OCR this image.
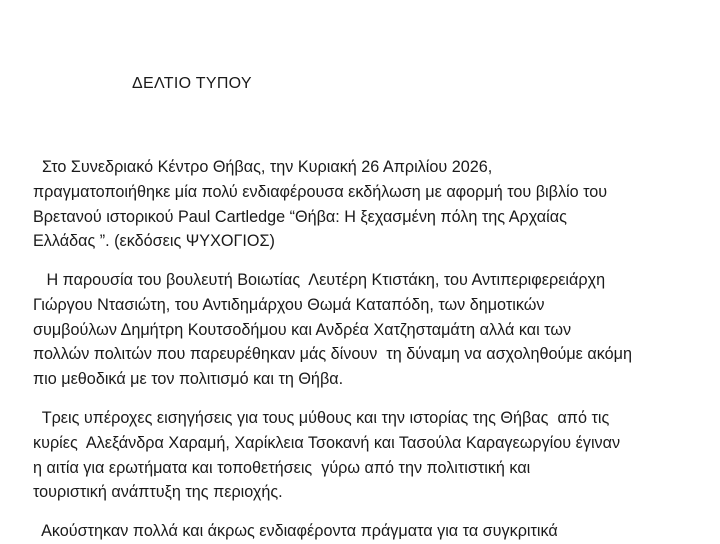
ΔΕΛΤΙΟ ΤΥΠΟΥ
Στο Συνεδριακό Κέντρο Θήβας, την Κυριακή 26 Απριλίου 2026,
πραγματοποιήθηκε μία πολύ ενδιαφέρουσα εκδήλωση με αφορμή του βιβλίο του
Βρετανού ιστορικού Paul Cartledge “Θήβα: Η ξεχασμένη πόλη της Αρχαίας
Ελλάδας ”. (εκδόσεις ΨΥΧΟΓΙΟΣ)
Η παρουσία του βουλευτή Βοιωτίας  Λευτέρη Κτιστάκη, του Αντιπεριφερειάρχη
Γιώργου Ντασιώτη, του Αντιδημάρχου Θωμά Καταπόδη, των δημοτικών
συμβούλων Δημήτρη Κουτσοδήμου και Ανδρέα Χατζησταμάτη αλλά και των
πολλών πολιτών που παρευρέθηκαν μάς δίνουν  τη δύναμη να ασχοληθούμε ακόμη
πιο μεθοδικά με τον πολιτισμό και τη Θήβα.
Τρεις υπέροχες εισηγήσεις για τους μύθους και την ιστορίας της Θήβας  από τις
κυρίες  Αλεξάνδρα Χαραμή, Χαρίκλεια Τσοκανή και Τασούλα Καραγεωργίου έγιναν
η αιτία για ερωτήματα και τοποθετήσεις  γύρω από την πολιτιστική και
τουριστική ανάπτυξη της περιοχής.
Ακούστηκαν πολλά και άκρως ενδιαφέροντα πράγματα για τα συγκριτικά
